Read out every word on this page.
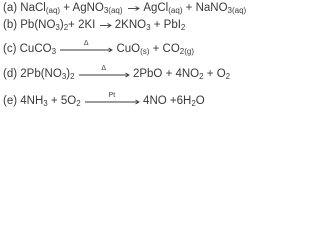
(a) NaCl$_{(aq)}$ + AgNO$_{3(aq)}$ → AgCl$_{(aq)}$ + NaNO$_{3(aq)}$
(b) $Pb(NO_3)_2+ 2KI \to 2KNO_3 + PbI_2$
(c) CuCO$_3$
Δ	$CuO_{(s)} + CO_{2(g)}$
(d) $2Pb(NO_3)_2$
Δ	$2PbO + 4NO_2 + O_2$
(e) $4NH_3 + 5O_2$
Pt	$4NO +6H_2O$
